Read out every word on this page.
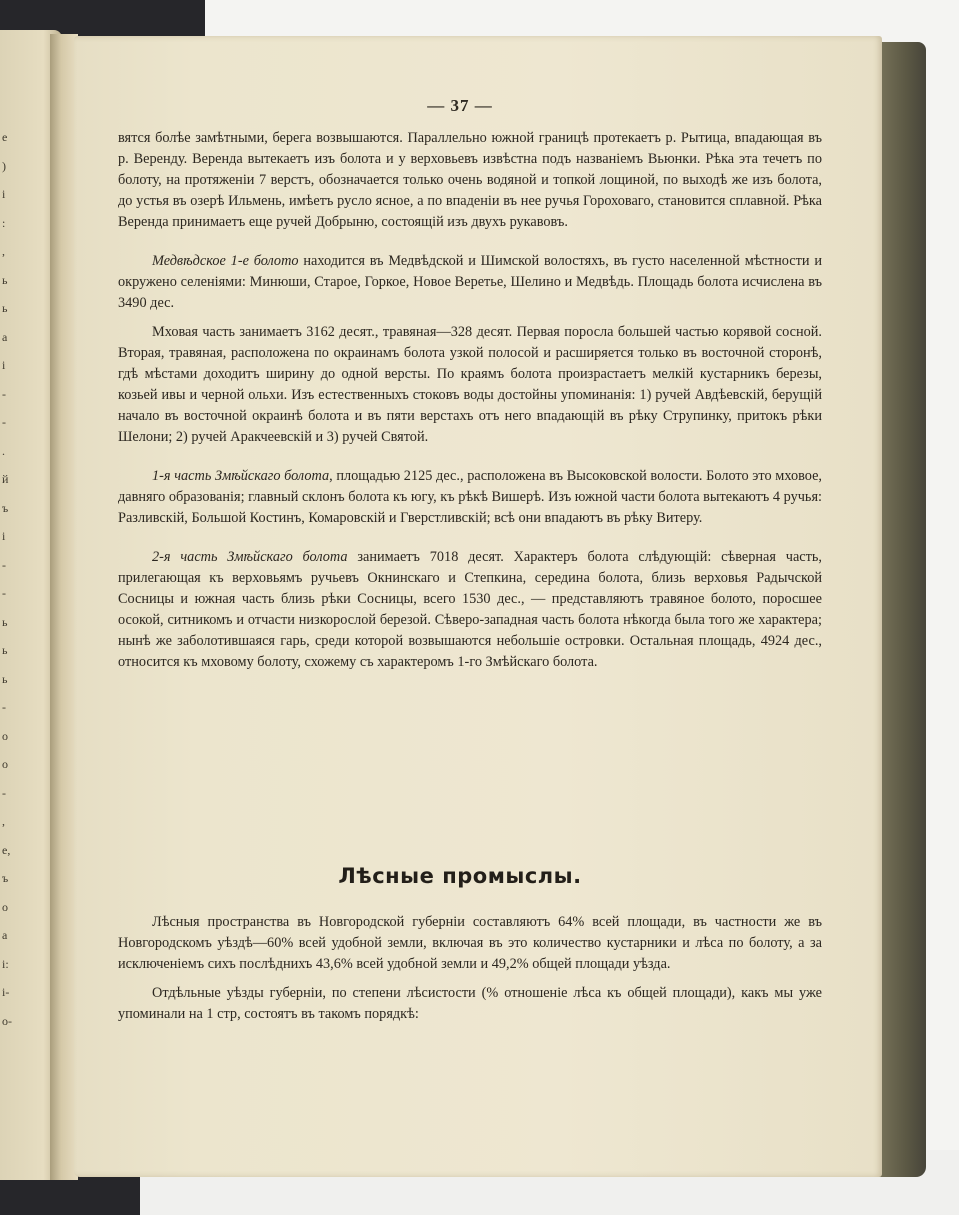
е
)
і
:
,
ь
ь
а
і
-
-
.
й
ъ
і
-
-
ь
ь
ь
-
о
о
-
,
е,
ъ
о
а
і:
і-
о-
— 37 —

вятся болѣе замѣтными, берега возвышаются. Параллельно южной границѣ протекаетъ р. Рытица, впадающая въ р. Веренду. Веренда вытекаетъ изъ болота и у верховьевъ извѣстна подъ названіемъ Вьюнки. Рѣка эта течетъ по болоту, на протяженіи 7 верстъ, обозначается только очень водяной и топкой лощиной, по выходѣ же изъ болота, до устья въ озерѣ Ильмень, имѣетъ русло ясное, а по впаденіи въ нее ручья Гороховаго, становится сплавной. Рѣка Веренда принимаетъ еще ручей Добрыню, состоящій изъ двухъ рукавовъ.

Медвѣдское 1-е болото находится въ Медвѣдской и Шимской волостяхъ, въ густо населенной мѣстности и окружено селеніями: Минюши, Старое, Горкое, Новое Веретье, Шелино и Медвѣдь. Площадь болота исчислена въ 3490 дес.

Мховая часть занимаетъ 3162 десят., травяная—328 десят. Первая поросла большей частью корявой сосной. Вторая, травяная, расположена по окраинамъ болота узкой полосой и расширяется только въ восточной сторонѣ, гдѣ мѣстами доходитъ ширину до одной версты. По краямъ болота произрастаетъ мелкій кустарникъ березы, козьей ивы и черной ольхи. Изъ естественныхъ стоковъ воды достойны упоминанія: 1) ручей Авдѣевскій, берущій начало въ восточной окраинѣ болота и въ пяти верстахъ отъ него впадающій въ рѣку Струпинку, притокъ рѣки Шелони; 2) ручей Аракчеевскій и 3) ручей Святой.

1-я часть Змѣйскаго болота, площадью 2125 дес., расположена въ Высоковской волости. Болото это мховое, давняго образованія; главный склонъ болота къ югу, къ рѣкѣ Вишерѣ. Изъ южной части болота вытекаютъ 4 ручья: Разливскій, Большой Костинъ, Комаровскій и Гверстливскій; всѣ они впадаютъ въ рѣку Витеру.

2-я часть Змѣйскаго болота занимаетъ 7018 десят. Характеръ болота слѣдующій: сѣверная часть, прилегающая къ верховьямъ ручьевъ Окнинскаго и Степкина, середина болота, близь верховья Радычской Сосницы и южная часть близь рѣки Сосницы, всего 1530 дес., — представляютъ травяное болото, поросшее осокой, ситникомъ и отчасти низкорослой березой. Сѣверо-западная часть болота нѣкогда была того же характера; нынѣ же заболотившаяся гарь, среди которой возвышаются небольшіе островки. Остальная площадь, 4924 дес., относится къ мховому болоту, схожему съ характеромъ 1-го Змѣйскаго болота.

Лѣсные промыслы.

Лѣсныя пространства въ Новгородской губерніи составляютъ 64% всей площади, въ частности же въ Новгородскомъ уѣздѣ—60% всей удобной земли, включая въ это количество кустарники и лѣса по болоту, а за исключеніемъ сихъ послѣднихъ 43,6% всей удобной земли и 49,2% общей площади уѣзда.

Отдѣльные уѣзды губерніи, по степени лѣсистости (% отношеніе лѣса къ общей площади), какъ мы уже упоминали на 1 стр, состоятъ въ такомъ порядкѣ:
